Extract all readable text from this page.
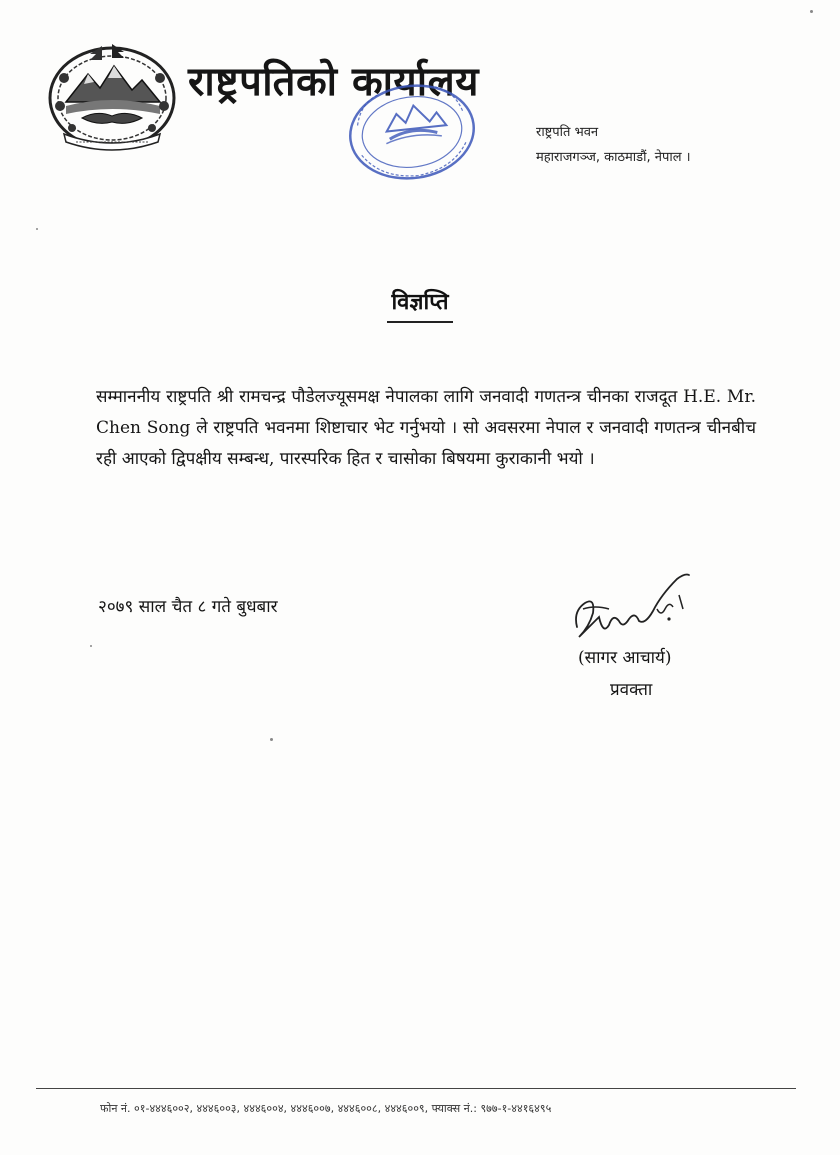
राष्ट्रपतिको कार्यालय
राष्ट्रपति भवन
महाराजगञ्ज, काठमाडौं, नेपाल ।
विज्ञप्ति
सम्माननीय राष्ट्रपति श्री रामचन्द्र पौडेलज्यूसमक्ष नेपालका लागि जनवादी गणतन्त्र चीनका राजदूत H.E. Mr. Chen Song ले राष्ट्रपति भवनमा शिष्टाचार भेट गर्नुभयो । सो अवसरमा नेपाल र जनवादी गणतन्त्र चीनबीच रही आएको द्विपक्षीय सम्बन्ध, पारस्परिक हित र चासोका बिषयमा कुराकानी भयो ।
२०७९ साल चैत ८ गते बुधबार
(सागर आचार्य)
प्रवक्ता
फोन नं. ०१-४४४६००२, ४४४६००३, ४४४६००४, ४४४६००७, ४४४६००८, ४४४६००९, फ्याक्स नं.: ९७७-१-४४१६४९५
